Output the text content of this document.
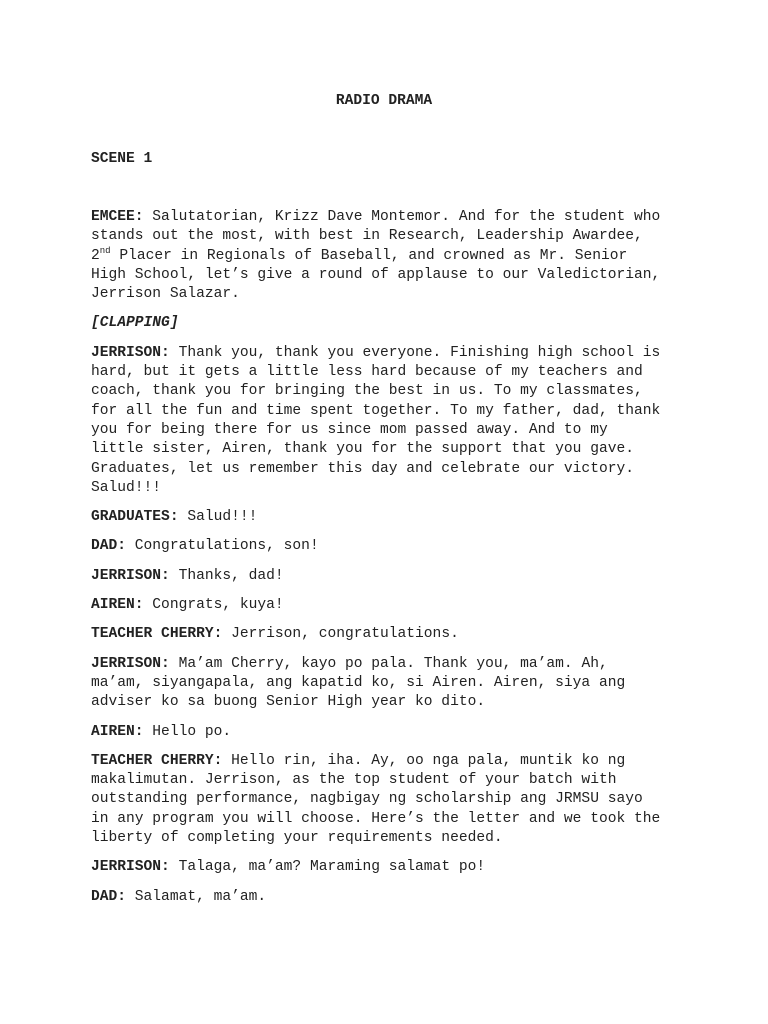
RADIO DRAMA
SCENE 1
EMCEE: Salutatorian, Krizz Dave Montemor. And for the student who
stands out the most, with best in Research, Leadership Awardee,
2nd Placer in Regionals of Baseball, and crowned as Mr. Senior
High School, let’s give a round of applause to our Valedictorian,
Jerrison Salazar.
[CLAPPING]
JERRISON: Thank you, thank you everyone. Finishing high school is
hard, but it gets a little less hard because of my teachers and
coach, thank you for bringing the best in us. To my classmates,
for all the fun and time spent together. To my father, dad, thank
you for being there for us since mom passed away. And to my
little sister, Airen, thank you for the support that you gave.
Graduates, let us remember this day and celebrate our victory.
Salud!!!
GRADUATES: Salud!!!
DAD: Congratulations, son!
JERRISON: Thanks, dad!
AIREN: Congrats, kuya!
TEACHER CHERRY: Jerrison, congratulations.
JERRISON: Ma’am Cherry, kayo po pala. Thank you, ma’am. Ah,
ma’am, siyangapala, ang kapatid ko, si Airen. Airen, siya ang
adviser ko sa buong Senior High year ko dito.
AIREN: Hello po.
TEACHER CHERRY: Hello rin, iha. Ay, oo nga pala, muntik ko ng
makalimutan. Jerrison, as the top student of your batch with
outstanding performance, nagbigay ng scholarship ang JRMSU sayo
in any program you will choose. Here’s the letter and we took the
liberty of completing your requirements needed.
JERRISON: Talaga, ma’am? Maraming salamat po!
DAD: Salamat, ma’am.
